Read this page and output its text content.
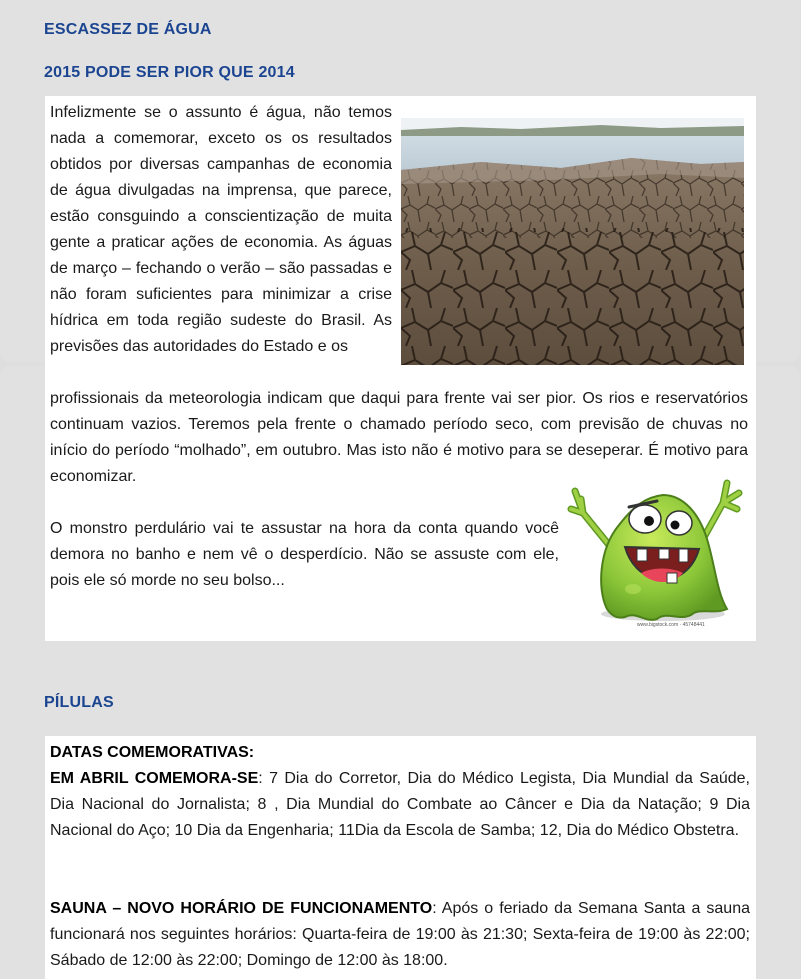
ESCASSEZ DE ÁGUA
2015 PODE SER PIOR QUE 2014

Infelizmente se o assunto é água, não temos nada a comemorar, exceto os os resultados obtidos por diversas campanhas de economia de água divulgadas na imprensa, que parece, estão consguindo a conscientização de muita gente a praticar ações de economia. As águas de março – fechando o verão – são passadas e não foram suficientes para minimizar a crise hídrica em toda região sudeste do Brasil. As previsões das autoridades do Estado e os

profissionais da meteorologia indicam que daqui para frente vai ser pior. Os rios e reservatórios continuam vazios. Teremos pela frente o chamado período seco, com previsão de chuvas no início do período “molhado”, em outubro. Mas isto não é motivo para se deseperar. É motivo para economizar.

O monstro perdulário vai te assustar na hora da conta quando você demora no banho e nem vê o desperdício. Não se assuste com ele, pois ele só morde no seu bolso...

www.bigstock.com · 45748441
PÍLULAS

DATAS COMEMORATIVAS:
EM ABRIL COMEMORA-SE: 7 Dia do Corretor, Dia do Médico Legista, Dia Mundial da Saúde, Dia Nacional do Jornalista; 8 , Dia Mundial do Combate ao Câncer e Dia da Natação; 9 Dia Nacional do Aço; 10 Dia da Engenharia; 11Dia da Escola de Samba; 12, Dia do Médico Obstetra.

SAUNA – NOVO HORÁRIO DE FUNCIONAMENTO: Após o feriado da Semana Santa a sauna funcionará nos seguintes horários: Quarta-feira de 19:00 às 21:30; Sexta-feira de 19:00 às 22:00; Sábado de 12:00 às 22:00; Domingo de 12:00 às 18:00.
